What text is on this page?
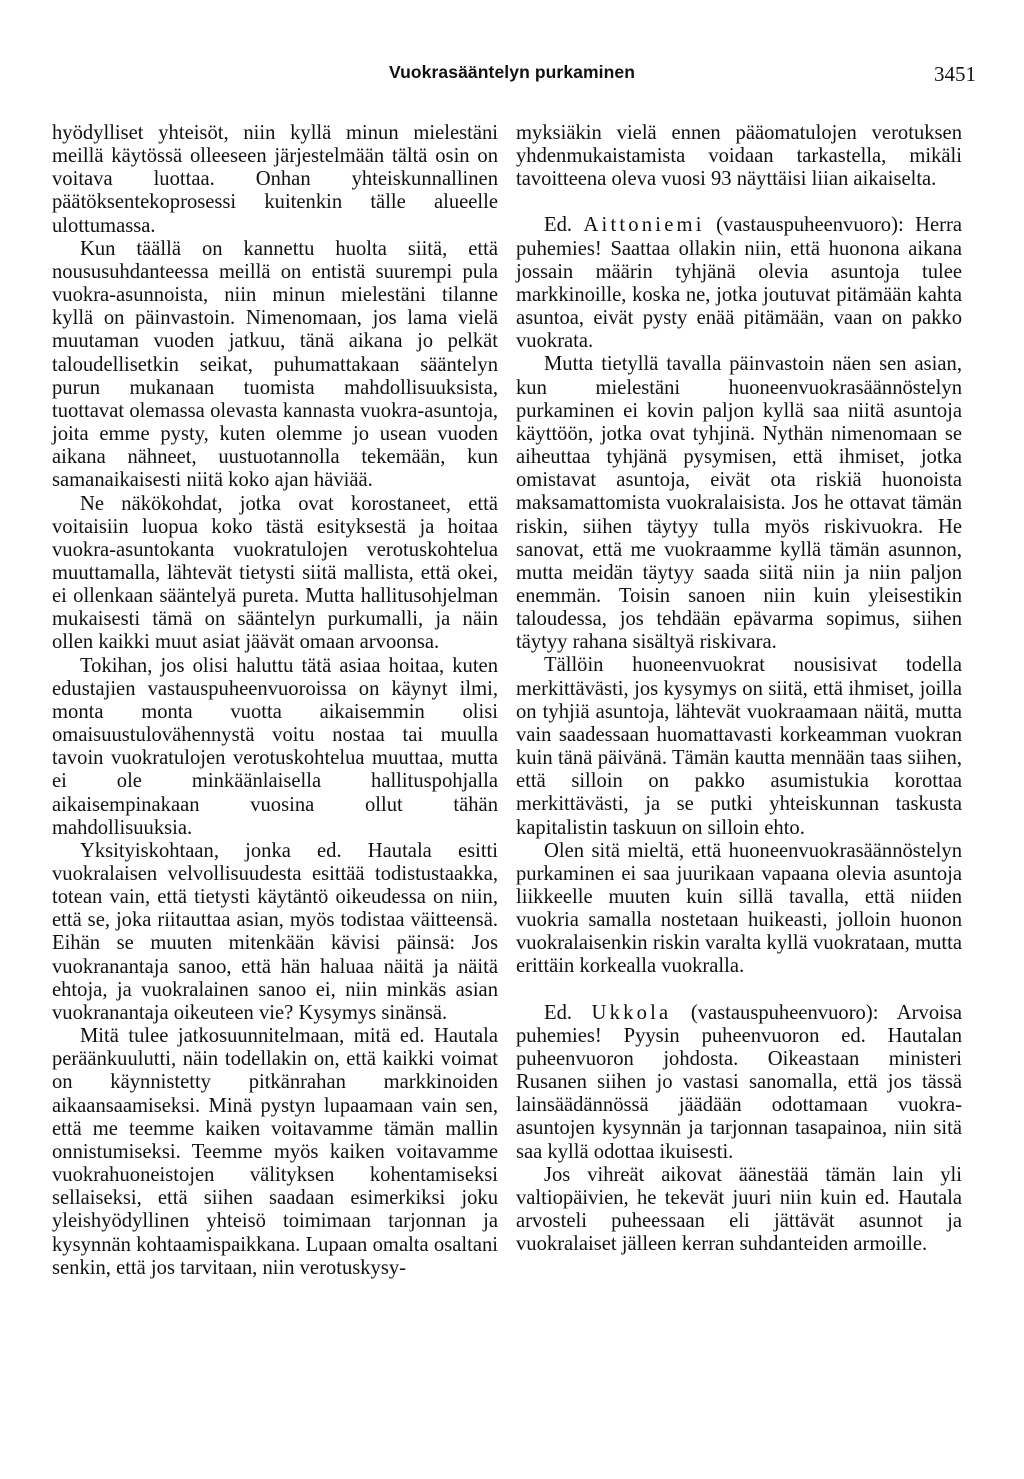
Vuokrasääntelyn purkaminen	3451

hyödylliset yhteisöt, niin kyllä minun mielestäni meillä käytössä olleeseen järjestelmään tältä osin on voitava luottaa. Onhan yhteiskunnallinen päätöksentekoprosessi kuitenkin tälle alueelle ulottumassa.

Kun täällä on kannettu huolta siitä, että noususuhdanteessa meillä on entistä suurempi pula vuokra-asunnoista, niin minun mielestäni tilanne kyllä on päinvastoin. Nimenomaan, jos lama vielä muutaman vuoden jatkuu, tänä aikana jo pelkät taloudellisetkin seikat, puhumattakaan sääntelyn purun mukanaan tuomista mahdollisuuksista, tuottavat olemassa olevasta kannasta vuokra-asuntoja, joita emme pysty, kuten olemme jo usean vuoden aikana nähneet, uustuotannolla tekemään, kun samanaikaisesti niitä koko ajan häviää.

Ne näkökohdat, jotka ovat korostaneet, että voitaisiin luopua koko tästä esityksestä ja hoitaa vuokra-asuntokanta vuokratulojen verotuskohtelua muuttamalla, lähtevät tietysti siitä mallista, että okei, ei ollenkaan sääntelyä pureta. Mutta hallitusohjelman mukaisesti tämä on sääntelyn purkumalli, ja näin ollen kaikki muut asiat jäävät omaan arvoonsa.

Tokihan, jos olisi haluttu tätä asiaa hoitaa, kuten edustajien vastauspuheenvuoroissa on käynyt ilmi, monta monta vuotta aikaisemmin olisi omaisuustulovähennystä voitu nostaa tai muulla tavoin vuokratulojen verotuskohtelua muuttaa, mutta ei ole minkäänlaisella hallituspohjalla aikaisempinakaan vuosina ollut tähän mahdollisuuksia.

Yksityiskohtaan, jonka ed. Hautala esitti vuokralaisen velvollisuudesta esittää todistustaakka, totean vain, että tietysti käytäntö oikeudessa on niin, että se, joka riitauttaa asian, myös todistaa väitteensä. Eihän se muuten mitenkään kävisi päinsä: Jos vuokranantaja sanoo, että hän haluaa näitä ja näitä ehtoja, ja vuokralainen sanoo ei, niin minkäs asian vuokranantaja oikeuteen vie? Kysymys sinänsä.

Mitä tulee jatkosuunnitelmaan, mitä ed. Hautala peräänkuulutti, näin todellakin on, että kaikki voimat on käynnistetty pitkänrahan markkinoiden aikaansaamiseksi. Minä pystyn lupaamaan vain sen, että me teemme kaiken voitavamme tämän mallin onnistumiseksi. Teemme myös kaiken voitavamme vuokrahuoneistojen välityksen kohentamiseksi sellaiseksi, että siihen saadaan esimerkiksi joku yleishyödyllinen yhteisö toimimaan tarjonnan ja kysynnän kohtaamispaikkana. Lupaan omalta osaltani senkin, että jos tarvitaan, niin verotuskysy-

myksiäkin vielä ennen pääomatulojen verotuksen yhdenmukaistamista voidaan tarkastella, mikäli tavoitteena oleva vuosi 93 näyttäisi liian aikaiselta.

Ed. Aittoniemi (vastauspuheenvuoro): Herra puhemies! Saattaa ollakin niin, että huonona aikana jossain määrin tyhjänä olevia asuntoja tulee markkinoille, koska ne, jotka joutuvat pitämään kahta asuntoa, eivät pysty enää pitämään, vaan on pakko vuokrata.

Mutta tietyllä tavalla päinvastoin näen sen asian, kun mielestäni huoneenvuokrasäännöstelyn purkaminen ei kovin paljon kyllä saa niitä asuntoja käyttöön, jotka ovat tyhjinä. Nythän nimenomaan se aiheuttaa tyhjänä pysymisen, että ihmiset, jotka omistavat asuntoja, eivät ota riskiä huonoista maksamattomista vuokralaisista. Jos he ottavat tämän riskin, siihen täytyy tulla myös riskivuokra. He sanovat, että me vuokraamme kyllä tämän asunnon, mutta meidän täytyy saada siitä niin ja niin paljon enemmän. Toisin sanoen niin kuin yleisestikin taloudessa, jos tehdään epävarma sopimus, siihen täytyy rahana sisältyä riskivara.

Tällöin huoneenvuokrat nousisivat todella merkittävästi, jos kysymys on siitä, että ihmiset, joilla on tyhjiä asuntoja, lähtevät vuokraamaan näitä, mutta vain saadessaan huomattavasti korkeamman vuokran kuin tänä päivänä. Tämän kautta mennään taas siihen, että silloin on pakko asumistukia korottaa merkittävästi, ja se putki yhteiskunnan taskusta kapitalistin taskuun on silloin ehto.

Olen sitä mieltä, että huoneenvuokrasäännöstelyn purkaminen ei saa juurikaan vapaana olevia asuntoja liikkeelle muuten kuin sillä tavalla, että niiden vuokria samalla nostetaan huikeasti, jolloin huonon vuokralaisenkin riskin varalta kyllä vuokrataan, mutta erittäin korkealla vuokralla.

Ed. Ukkola (vastauspuheenvuoro): Arvoisa puhemies! Pyysin puheenvuoron ed. Hautalan puheenvuoron johdosta. Oikeastaan ministeri Rusanen siihen jo vastasi sanomalla, että jos tässä lainsäädännössä jäädään odottamaan vuokra-asuntojen kysynnän ja tarjonnan tasapainoa, niin sitä saa kyllä odottaa ikuisesti.

Jos vihreät aikovat äänestää tämän lain yli valtiopäivien, he tekevät juuri niin kuin ed. Hautala arvosteli puheessaan eli jättävät asunnot ja vuokralaiset jälleen kerran suhdanteiden armoille.
